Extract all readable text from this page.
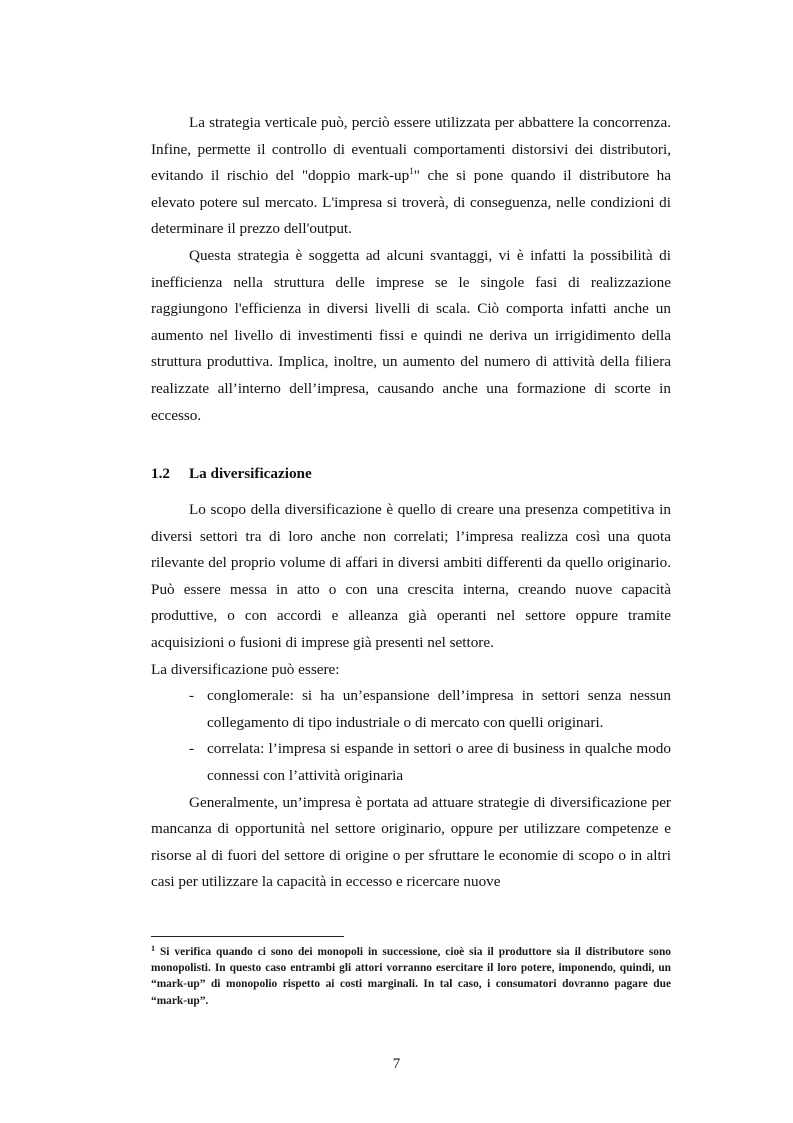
La strategia verticale può, perciò essere utilizzata per abbattere la concorrenza. Infine, permette il controllo di eventuali comportamenti distorsivi dei distributori, evitando il rischio del "doppio mark-$up^1$" che si pone quando il distributore ha elevato potere sul mercato. L'impresa si troverà, di conseguenza, nelle condizioni di determinare il prezzo dell'output.

Questa strategia è soggetta ad alcuni svantaggi, vi è infatti la possibilità di inefficienza nella struttura delle imprese se le singole fasi di realizzazione raggiungono l'efficienza in diversi livelli di scala. Ciò comporta infatti anche un aumento nel livello di investimenti fissi e quindi ne deriva un irrigidimento della struttura produttiva. Implica, inoltre, un aumento del numero di attività della filiera realizzate all’interno dell’impresa, causando anche una formazione di scorte in eccesso.

1.2 La diversificazione

Lo scopo della diversificazione è quello di creare una presenza competitiva in diversi settori tra di loro anche non correlati; l’impresa realizza così una quota rilevante del proprio volume di affari in diversi ambiti differenti da quello originario. Può essere messa in atto o con una crescita interna, creando nuove capacità produttive, o con accordi e alleanza già operanti nel settore oppure tramite acquisizioni o fusioni di imprese già presenti nel settore.

La diversificazione può essere:

- conglomerale: si ha un’espansione dell’impresa in settori senza nessun collegamento di tipo industriale o di mercato con quelli originari.
- correlata: l’impresa si espande in settori o aree di business in qualche modo connessi con l’attività originaria

Generalmente, un’impresa è portata ad attuare strategie di diversificazione per mancanza di opportunità nel settore originario, oppure per utilizzare competenze e risorse al di fuori del settore di origine o per sfruttare le economie di scopo o in altri casi per utilizzare la capacità in eccesso e ricercare nuove

$^1$ Si verifica quando ci sono dei monopoli in successione, cioè sia il produttore sia il distributore sono monopolisti. In questo caso entrambi gli attori vorranno esercitare il loro potere, imponendo, quindi, un “mark-up” di monopolio rispetto ai costi marginali. In tal caso, i consumatori dovranno pagare due “mark-up”.
7
